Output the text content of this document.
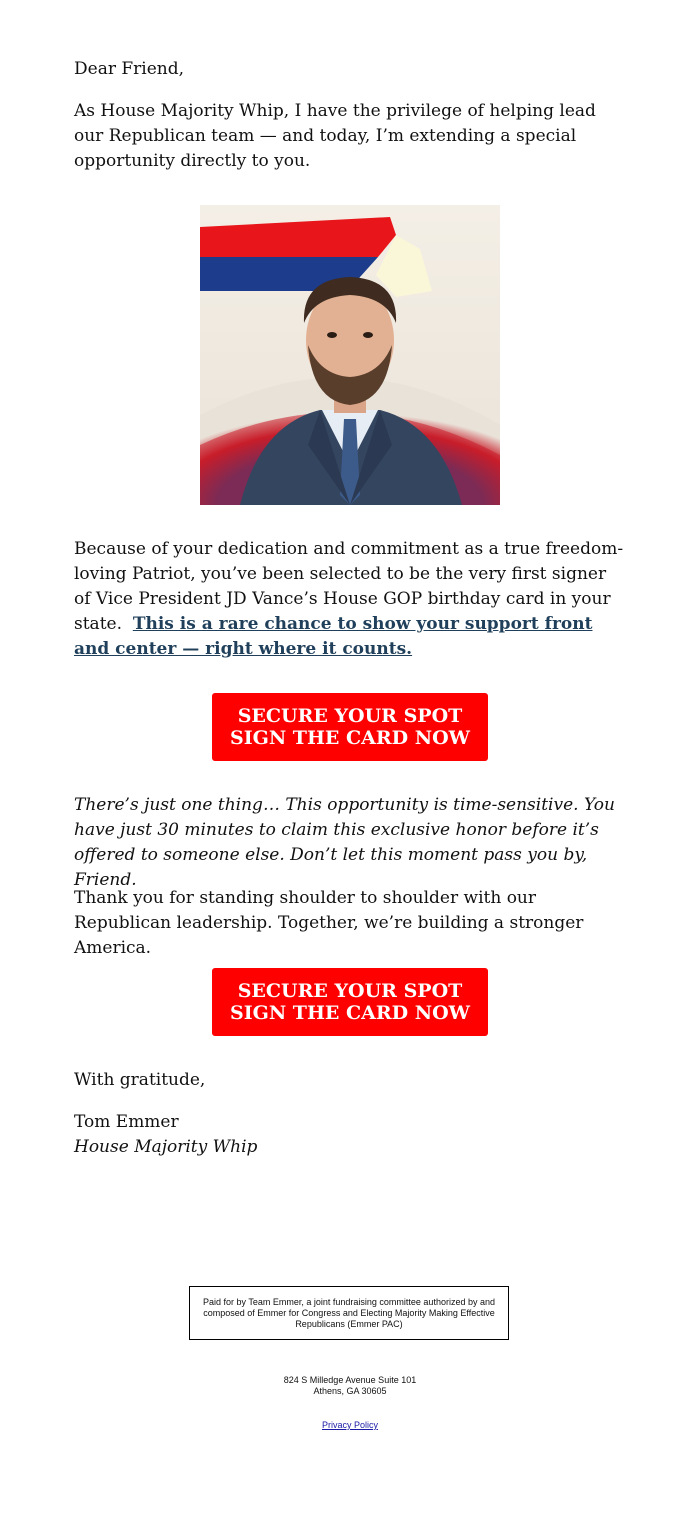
Dear Friend,

As House Majority Whip, I have the privilege of helping lead our Republican team — and today, I’m extending a special opportunity directly to you.

Because of your dedication and commitment as a true freedom-loving Patriot, you’ve been selected to be the very first signer of Vice President JD Vance’s House GOP birthday card in your state. This is a rare chance to show your support front and center — right where it counts.

SECURE YOUR SPOT
SIGN THE CARD NOW

There’s just one thing… This opportunity is time-sensitive. You have just 30 minutes to claim this exclusive honor before it’s offered to someone else. Don’t let this moment pass you by, Friend.

Thank you for standing shoulder to shoulder with our Republican leadership. Together, we’re building a stronger America.

SECURE YOUR SPOT
SIGN THE CARD NOW

With gratitude,

Tom Emmer
House Majority Whip

Paid for by Team Emmer, a joint fundraising committee authorized by and composed of Emmer for Congress and Electing Majority Making Effective Republicans (Emmer PAC)
824 S Milledge Avenue Suite 101
Athens, GA 30605
Privacy Policy
